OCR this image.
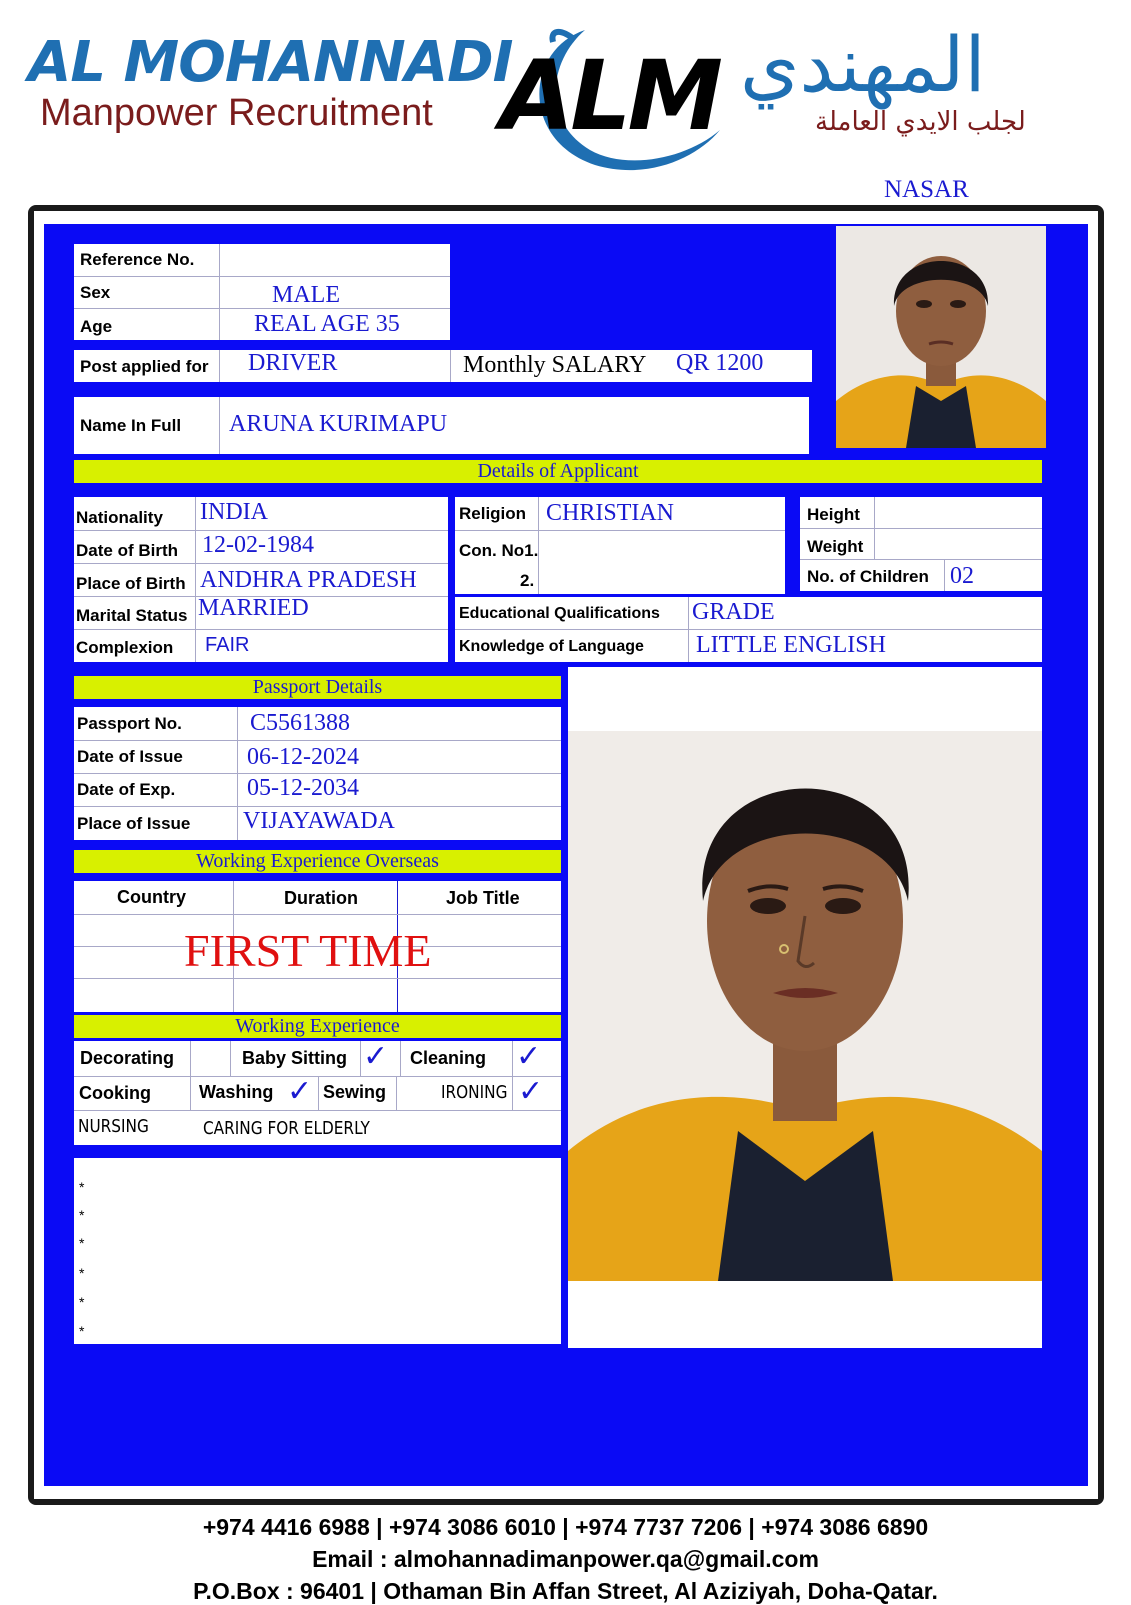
AL MOHANNADI
Manpower Recruitment ALM المهندي
لجلب الايدي العاملة
NASAR
Reference No.
Sex	MALE
Age	REAL AGE 35
Post applied for DRIVER	Monthly SALARY QR 1200
Name In Full ARUNA KURIMAPU
Details of Applicant
Nationality INDIA
Date of Birth 12-02-1984
Place of Birth ANDHRA PRADESH
Marital Status MARRIED
Complexion FAIR
Religion CHRISTIAN
Con. No1.
2.
Height
Weight
No. of Children 02
Educational Qualifications GRADE
Knowledge of Language LITTLE ENGLISH
Passport Details
Passport No.	C5561388
Date of Issue	06-12-2024
Date of Exp.	05-12-2034
Place of Issue VIJAYAWADA
Working Experience Overseas
Country	Duration	Job Title
FIRST TIME
Working Experience
Decorating	Baby Sitting ✓ Cleaning ✓
Cooking	Washing ✓ Sewing	IRONING ✓
NURSING	CARING FOR ELDERLY
*
*
*
*
*
*
+974 4416 6988 | +974 3086 6010 | +974 7737 7206 | +974 3086 6890
Email : almohannadimanpower.qa@gmail.com
P.O.Box : 96401 | Othaman Bin Affan Street, Al Aziziyah, Doha-Qatar.
